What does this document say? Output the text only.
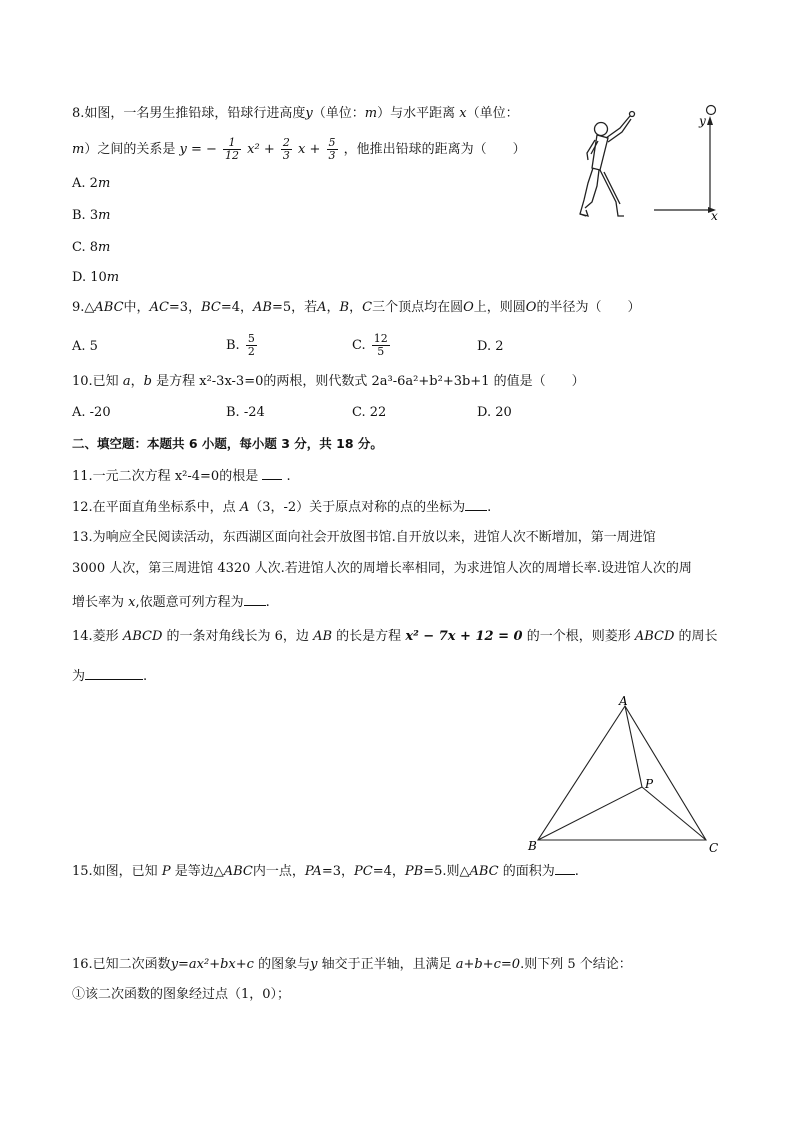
8.如图，一名男生推铅球，铅球行进高度y（单位：m）与水平距离 x（单位：
m）之间的关系是 y = − $\frac{1}{12} x^2 + \frac{2}{3}$ $x + \frac{5}{3}$ ，他推出铅球的距离为（　　）
A. 2m
B. 3m
C. 8m
D. 10m
y
x
9.△ABC中，AC=3，BC=4，AB=5，若A，B，C三个顶点均在圆O上，则圆O的半径为（　　）
A. 5	B. $\frac{5}{2}$	C. $\frac{12}{5}$	D. 2
10.已知 a，b 是方程 x²-3x-3=0的两根，则代数式 2a³-6a²+b²+3b+1 的值是（　　）
A. -20	B. -24	C. 22	D. 20
二、填空题：本题共 6 小题，每小题 3 分，共 18 分。
11.一元二次方程 x²-4=0的根是 .
12.在平面直角坐标系中，点 A（3，-2）关于原点对称的点的坐标为 .
13.为响应全民阅读活动，东西湖区面向社会开放图书馆.自开放以来，进馆人次不断增加，第一周进馆
3000 人次，第三周进馆 4320 人次.若进馆人次的周增长率相同，为求进馆人次的周增长率.设进馆人次的周
增长率为 x,依题意可列方程为 .
14.菱形 ABCD 的一条对角线长为 6，边 AB 的长是方程 x² − 7x + 12 = 0 的一个根，则菱形 ABCD 的周长
为	.
A
B	C
P
15.如图，已知 P 是等边△ABC内一点，PA=3，PC=4，PB=5.则△ABC 的面积为 .
16.已知二次函数y=ax²+bx+c 的图象与y 轴交于正半轴，且满足 a+b+c=0.则下列 5 个结论：
①该二次函数的图象经过点（1，0）；
